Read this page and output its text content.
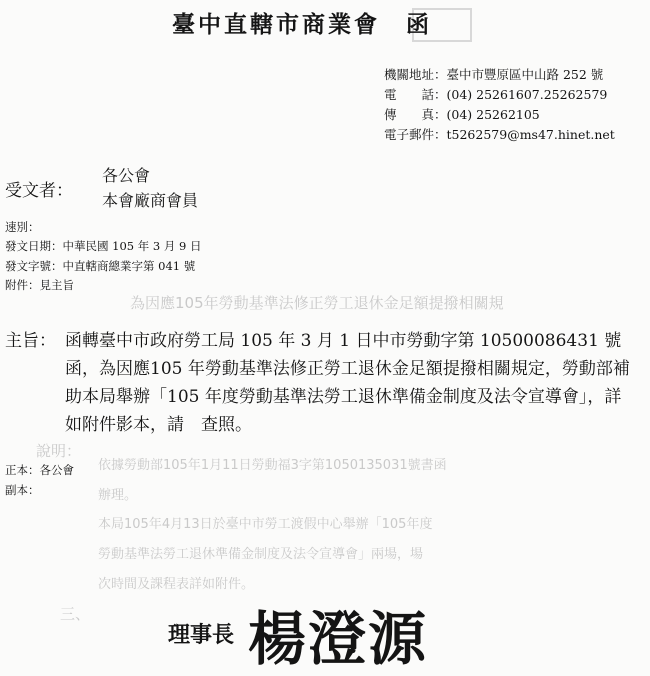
為因應105年勞動基準法修正勞工退休金足額提撥相關規
說明：
依據勞動部105年1月11日勞動福3字第1050135031號書函
辦理。
本局105年4月13日於臺中市勞工渡假中心舉辦「105年度
勞動基準法勞工退休準備金制度及法令宣導會」兩場，場
次時間及課程表詳如附件。
三、
臺中直轄市商業會 函
機關地址：臺中市豐原區中山路 252 號
電　　話：(04) 25261607.25262579
傳　　真：(04) 25262105
電子郵件：t5262579@ms47.hinet.net
受文者：
各公會
本會廠商會員
速別：
發文日期：中華民國 105 年 3 月 9 日
發文字號：中直轄商總業字第 041 號
附件：見主旨
主旨： 函轉臺中市政府勞工局 105 年 3 月 1 日中市勞動字第 10500086431 號函，為因應105 年勞動基準法修正勞工退休金足額提撥相關規定，勞動部補助本局舉辦「105 年度勞動基準法勞工退休準備金制度及法令宣導會」，詳如附件影本，請　查照。
正本：各公會
副本：
理事長 楊澄源
